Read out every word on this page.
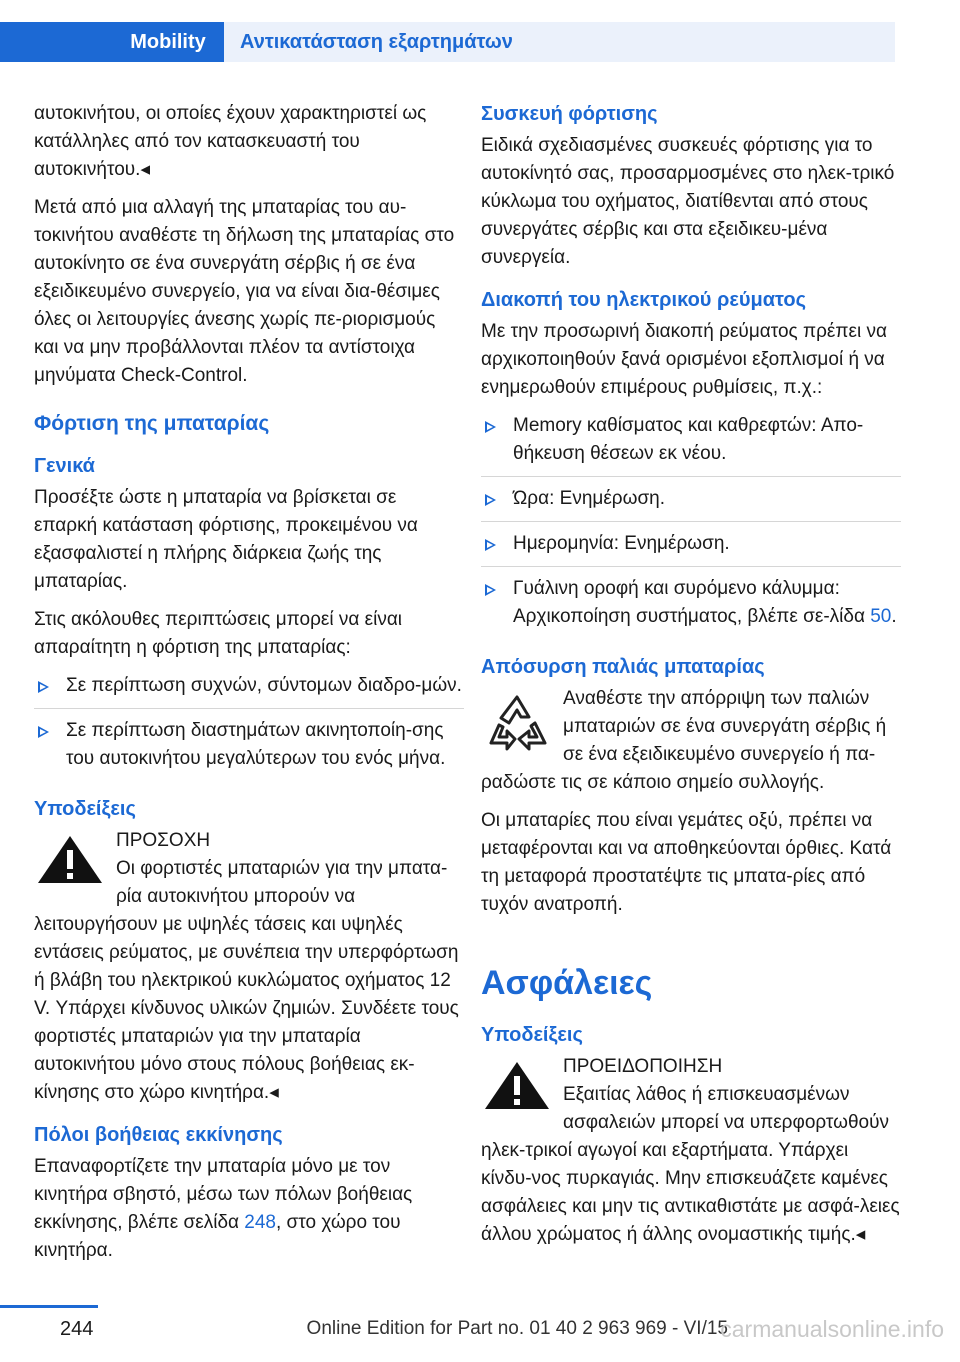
Mobility	Αντικατάσταση εξαρτημάτων

αυτοκινήτου, οι οποίες έχουν χαρακτηριστεί ως κατάλληλες από τον κατασκευαστή του αυτοκινήτου.◂

Μετά από μια αλλαγή της μπαταρίας του αυ-τοκινήτου αναθέστε τη δήλωση της μπαταρίας στο αυτοκίνητο σε ένα συνεργάτη σέρβις ή σε ένα εξειδικευμένο συνεργείο, για να είναι δια-θέσιμες όλες οι λειτουργίες άνεσης χωρίς πε-ριορισμούς και να μην προβάλλονται πλέον τα αντίστοιχα μηνύματα Check-Control.

Φόρτιση της μπαταρίας
Γενικά

Προσέξτε ώστε η μπαταρία να βρίσκεται σε επαρκή κατάσταση φόρτισης, προκειμένου να εξασφαλιστεί η πλήρης διάρκεια ζωής της μπαταρίας.

Στις ακόλουθες περιπτώσεις μπορεί να είναι απαραίτητη η φόρτιση της μπαταρίας:

Σε περίπτωση συχνών, σύντομων διαδρο-μών.
Σε περίπτωση διαστημάτων ακινητοποίη-σης του αυτοκινήτου μεγαλύτερων του ενός μήνα.
Υποδείξεις

ΠΡΟΣΟΧΗ

Οι φορτιστές μπαταριών για την μπατα-ρία αυτοκινήτου μπορούν να λειτουργήσουν με υψηλές τάσεις και υψηλές εντάσεις ρεύματος, με συνέπεια την υπερφόρτωση ή βλάβη του ηλεκτρικού κυκλώματος οχήματος 12 V. Υπάρχει κίνδυνος υλικών ζημιών. Συνδέετε τους φορτιστές μπαταριών για την μπαταρία αυτοκινήτου μόνο στους πόλους βοήθειας εκ-κίνησης στο χώρο κινητήρα.◂

Πόλοι βοήθειας εκκίνησης

Επαναφορτίζετε την μπαταρία μόνο με τον κινητήρα σβηστό, μέσω των πόλων βοήθειας εκκίνησης, βλέπε σελίδα 248, στο χώρο του κινητήρα.

Συσκευή φόρτισης

Ειδικά σχεδιασμένες συσκευές φόρτισης για το αυτοκίνητό σας, προσαρμοσμένες στο ηλεκ-τρικό κύκλωμα του οχήματος, διατίθενται από στους συνεργάτες σέρβις και στα εξειδικευ-μένα συνεργεία.

Διακοπή του ηλεκτρικού ρεύματος

Με την προσωρινή διακοπή ρεύματος πρέπει να αρχικοποιηθούν ξανά ορισμένοι εξοπλισμοί ή να ενημερωθούν επιμέρους ρυθμίσεις, π.χ.:

Memory καθίσματος και καθρεφτών: Απο-θήκευση θέσεων εκ νέου.
Ώρα: Ενημέρωση.
Ημερομηνία: Ενημέρωση.
Γυάλινη οροφή και συρόμενο κάλυμμα: Αρχικοποίηση συστήματος, βλέπε σε-λίδα 50.
Απόσυρση παλιάς μπαταρίας

Αναθέστε την απόρριψη των παλιών μπαταριών σε ένα συνεργάτη σέρβις ή σε ένα εξειδικευμένο συνεργείο ή πα-ραδώστε τις σε κάποιο σημείο συλλογής.

Οι μπαταρίες που είναι γεμάτες οξύ, πρέπει να μεταφέρονται και να αποθηκεύονται όρθιες. Κατά τη μεταφορά προστατέψτε τις μπατα-ρίες από τυχόν ανατροπή.

Ασφάλειες
Υποδείξεις

ΠΡΟΕΙΔΟΠΟΙΗΣΗ

Εξαιτίας λάθος ή επισκευασμένων ασφαλειών μπορεί να υπερφορτωθούν ηλεκ-τρικοί αγωγοί και εξαρτήματα. Υπάρχει κίνδυ-νος πυρκαγιάς. Μην επισκευάζετε καμένες ασφάλειες και μην τις αντικαθιστάτε με ασφά-λειες άλλου χρώματος ή άλλης ονομαστικής τιμής.◂

244	Online Edition for Part no. 01 40 2 963 969 - VI/15
carmanualsonline.info
